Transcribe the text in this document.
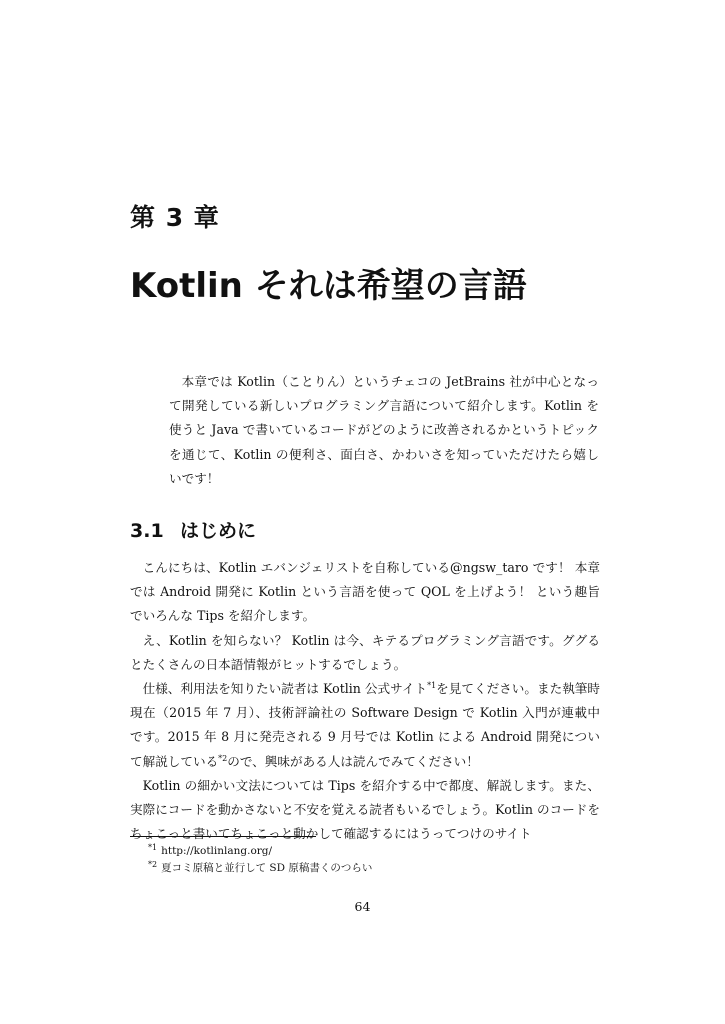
第 3 章
Kotlin それは希望の言語

本章では Kotlin（ことりん）というチェコの JetBrains 社が中心となって開発している新しいプログラミング言語について紹介します。Kotlin を使うと Java で書いているコードがどのように改善されるかというトピックを通じて、Kotlin の便利さ、面白さ、かわいさを知っていただけたら嬉しいです！

3.1 はじめに

こんにちは、Kotlin エバンジェリストを自称している@ngsw_taro です！ 本章では Android 開発に Kotlin という言語を使って QOL を上げよう！ という趣旨でいろんな Tips を紹介します。

え、Kotlin を知らない？ Kotlin は今、キテるプログラミング言語です。ググるとたくさんの日本語情報がヒットするでしょう。

仕様、利用法を知りたい読者は Kotlin 公式サイト$^{*1}$を見てください。また執筆時現在（2015 年 7 月）、技術評論社の Software Design で Kotlin 入門が連載中です。2015 年 8 月に発売される 9 月号では Kotlin による Android 開発について解説している$^{*2}$ので、興味がある人は読んでみてください！

Kotlin の細かい文法については Tips を紹介する中で都度、解説します。また、実際にコードを動かさないと不安を覚える読者もいるでしょう。Kotlin のコードをちょこっと書いてちょこっと動かして確認するにはうってつけのサイト

$^{*1}$ http://kotlinlang.org/
$^{*2}$ 夏コミ原稿と並行して SD 原稿書くのつらい
64
